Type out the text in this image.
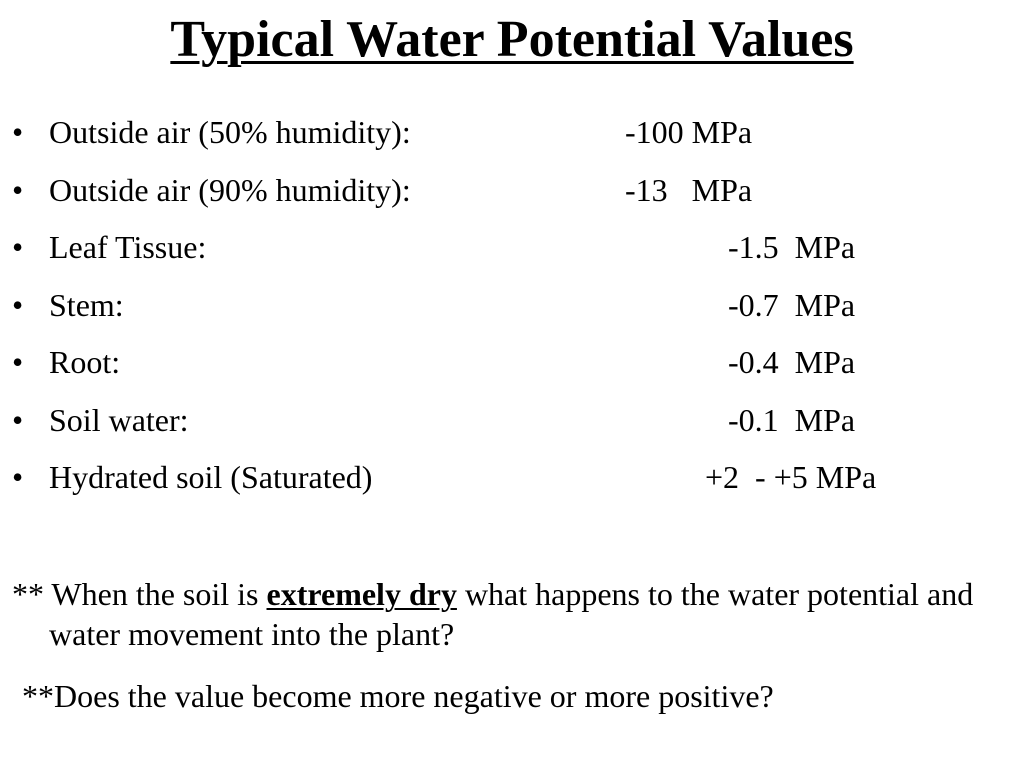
Typical Water Potential Values
• Outside air (50% humidity):	-100 MPa
• Outside air (90% humidity):	-13   MPa
• Leaf Tissue:	-1.5  MPa
• Stem:	-0.7  MPa
• Root:	-0.4  MPa
• Soil water:	-0.1  MPa
• Hydrated soil (Saturated)	+2  - +5 MPa

** When the soil is extremely dry what happens to the water potential and water movement into the plant?

**Does the value become more negative or more positive?
